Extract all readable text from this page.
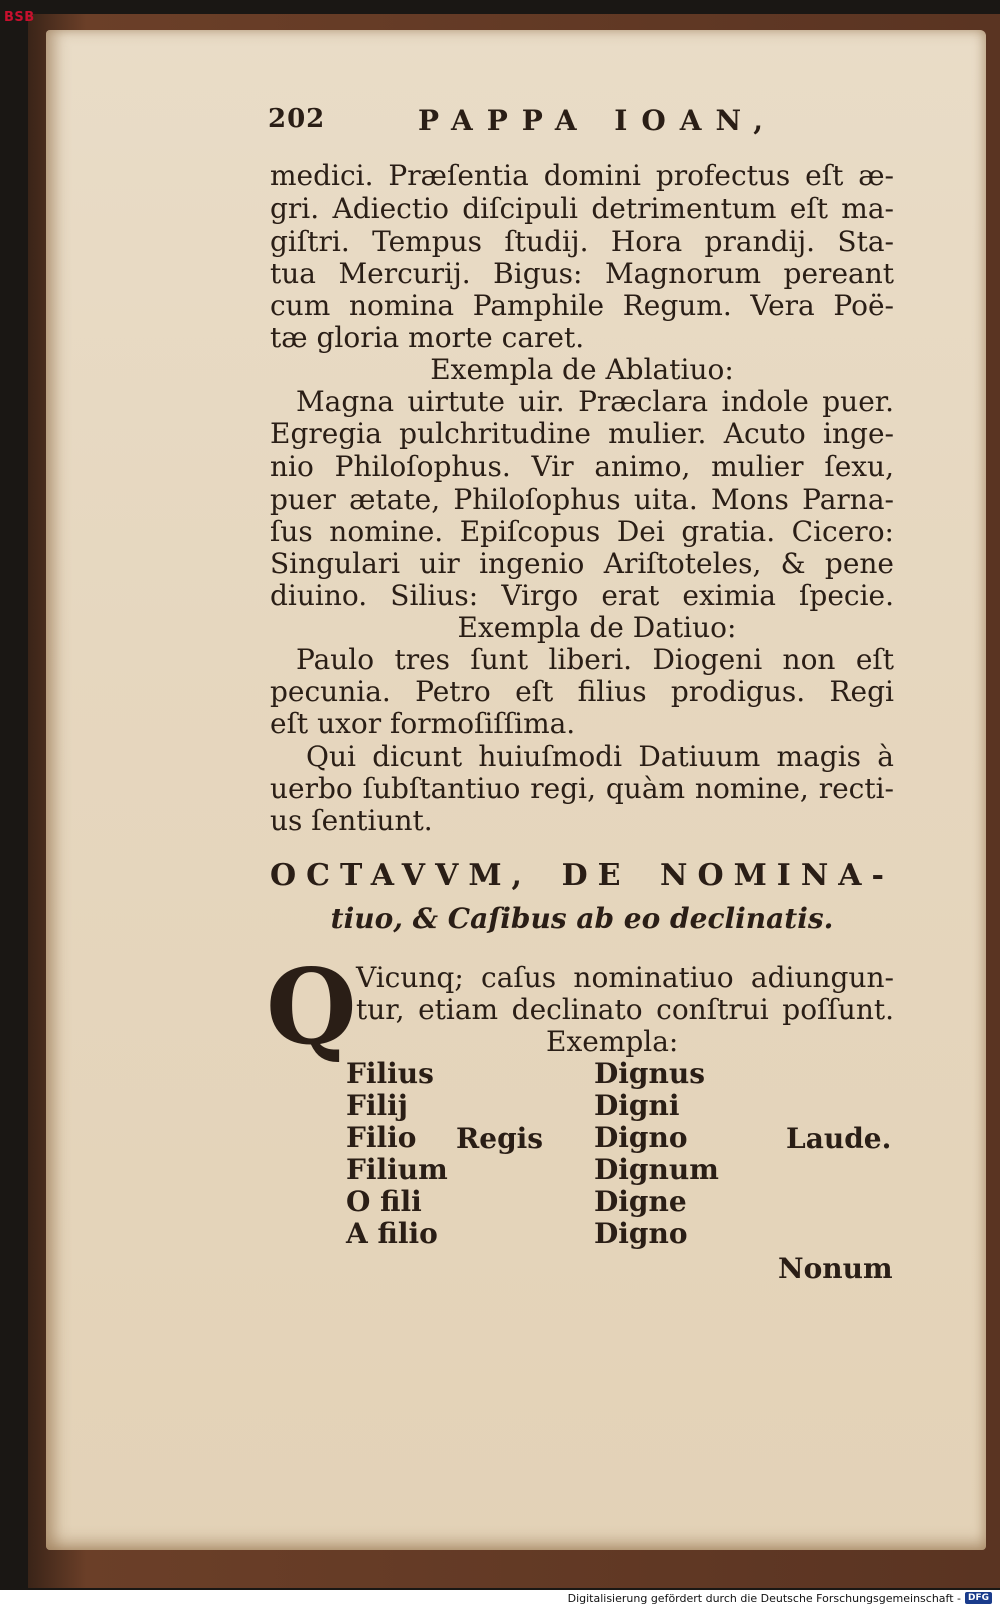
BSB
202	PAPPA IOAN,
medici. Præſentia domini profectus eſt æ-
gri. Adiectio diſcipuli detrimentum eſt ma-
giſtri. Tempus ſtudij. Hora prandij. Sta-
tua Mercurij. Bigus: Magnorum pereant
cum nomina Pamphile Regum. Vera Poë-
tæ gloria morte caret.
Exempla de Ablatiuo:
Magna uirtute uir. Præclara indole puer.
Egregia pulchritudine mulier. Acuto inge-
nio Philoſophus. Vir animo, mulier ſexu,
puer ætate, Philoſophus uita. Mons Parna-
ſus nomine. Epiſcopus Dei gratia. Cicero:
Singulari uir ingenio Ariſtoteles, & pene
diuino. Silius: Virgo erat eximia ſpecie.
Exempla de Datiuo:
Paulo tres ſunt liberi. Diogeni non eſt
pecunia. Petro eſt filius prodigus. Regi
eſt uxor formoſiſſima.
Qui dicunt huiuſmodi Datiuum magis à
uerbo ſubſtantiuo regi, quàm nomine, recti-
us ſentiunt.
OCTAVVM, DE NOMINA-
tiuo, & Caſibus ab eo declinatis.
Q Vicunq; caſus nominatiuo adiungun-
tur, etiam declinato conſtrui poſſunt.
Exempla:
Filius
Filij
Filio
Filium
O fili
A filio
Regis
Dignus
Digni
Digno
Dignum
Digne
Digno
Laude.
Nonum
Digitalisierung gefördert durch die Deutsche Forschungsgemeinschaft - DFG
